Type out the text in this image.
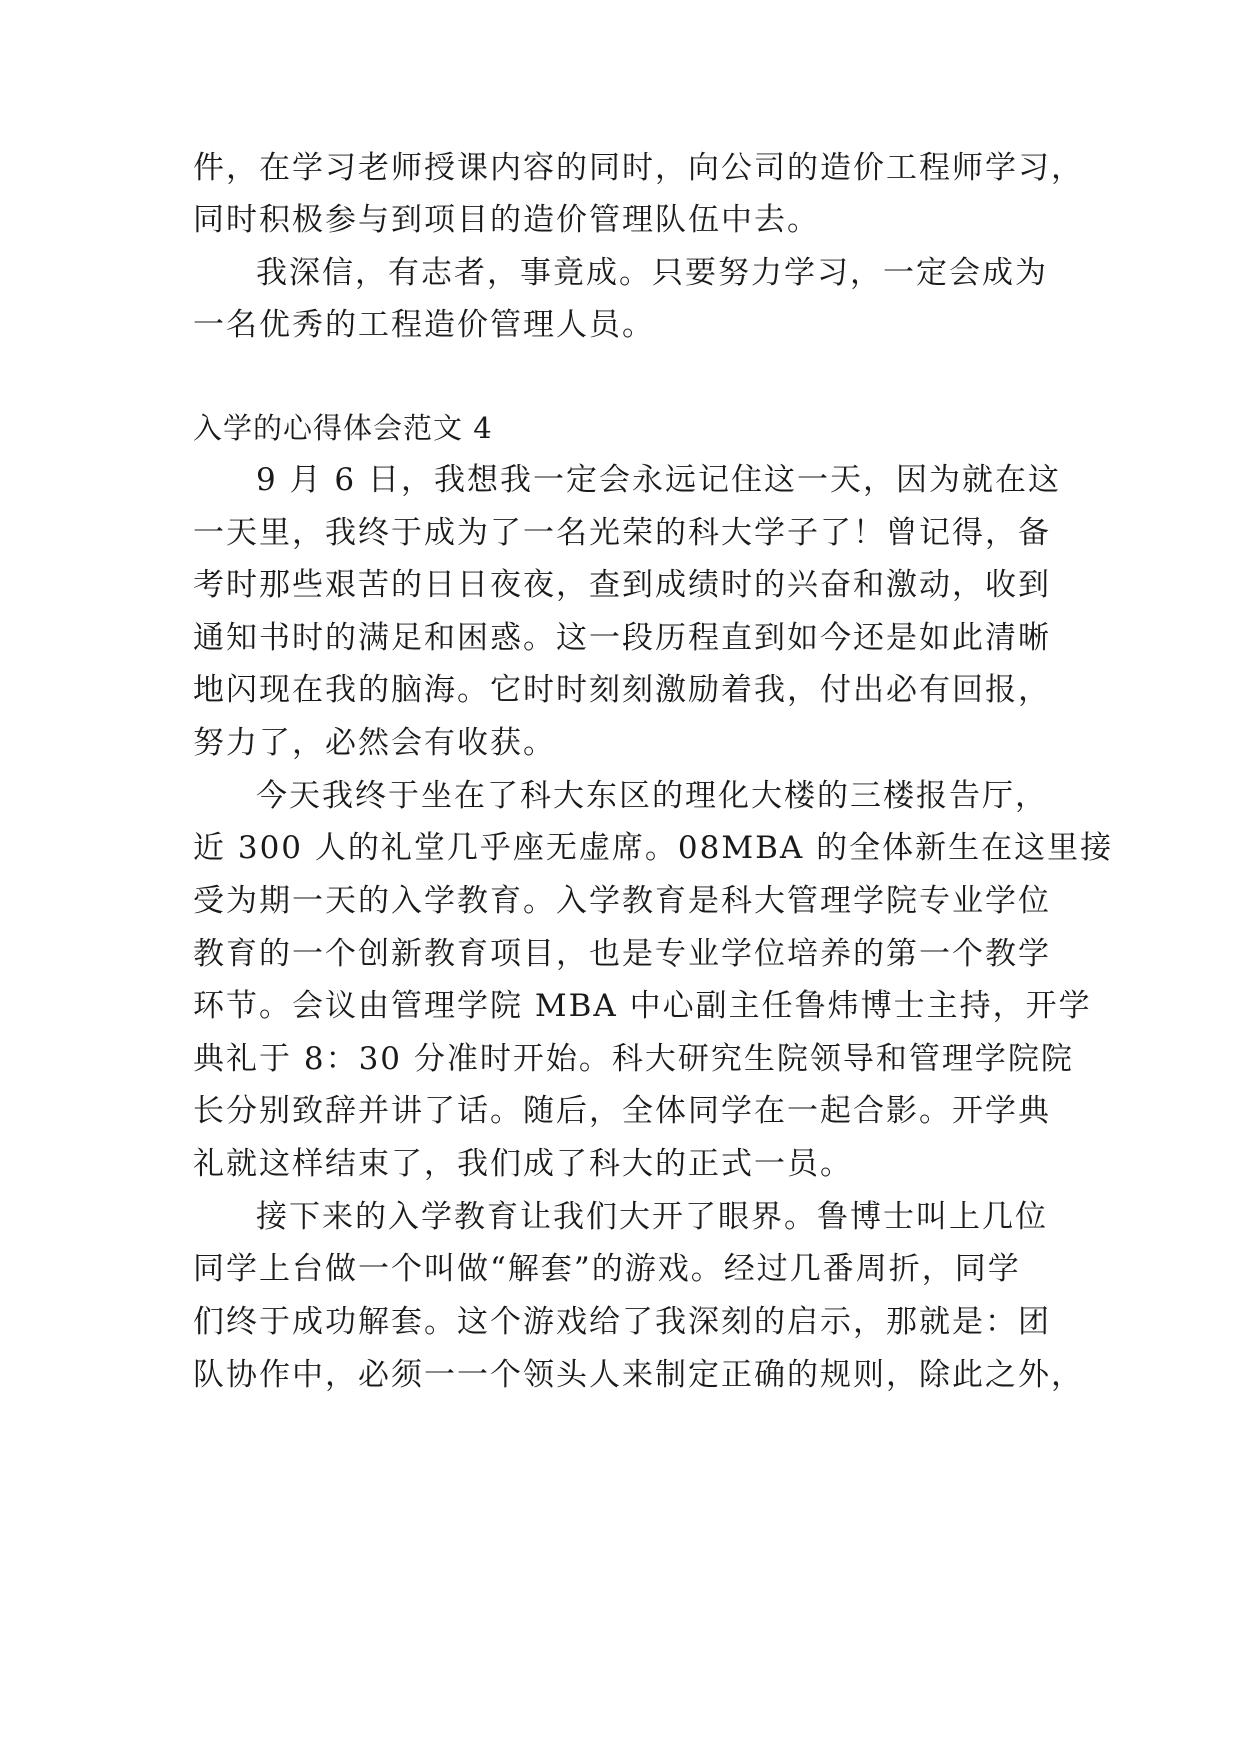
件，在学习老师授课内容的同时，向公司的造价工程师学习，
同时积极参与到项目的造价管理队伍中去。
我深信，有志者，事竟成。只要努力学习，一定会成为
一名优秀的工程造价管理人员。
入学的心得体会范文 4
9 月 6 日，我想我一定会永远记住这一天，因为就在这
一天里，我终于成为了一名光荣的科大学子了！曾记得，备
考时那些艰苦的日日夜夜，查到成绩时的兴奋和激动，收到
通知书时的满足和困惑。这一段历程直到如今还是如此清晰
地闪现在我的脑海。它时时刻刻激励着我，付出必有回报，
努力了，必然会有收获。
今天我终于坐在了科大东区的理化大楼的三楼报告厅，
近 300 人的礼堂几乎座无虚席。08MBA 的全体新生在这里接
受为期一天的入学教育。入学教育是科大管理学院专业学位
教育的一个创新教育项目，也是专业学位培养的第一个教学
环节。会议由管理学院 MBA 中心副主任鲁炜博士主持，开学
典礼于 8：30 分准时开始。科大研究生院领导和管理学院院
长分别致辞并讲了话。随后，全体同学在一起合影。开学典
礼就这样结束了，我们成了科大的正式一员。
接下来的入学教育让我们大开了眼界。鲁博士叫上几位
同学上台做一个叫做“解套”的游戏。经过几番周折，同学
们终于成功解套。这个游戏给了我深刻的启示，那就是：团
队协作中，必须一一个领头人来制定正确的规则，除此之外，
